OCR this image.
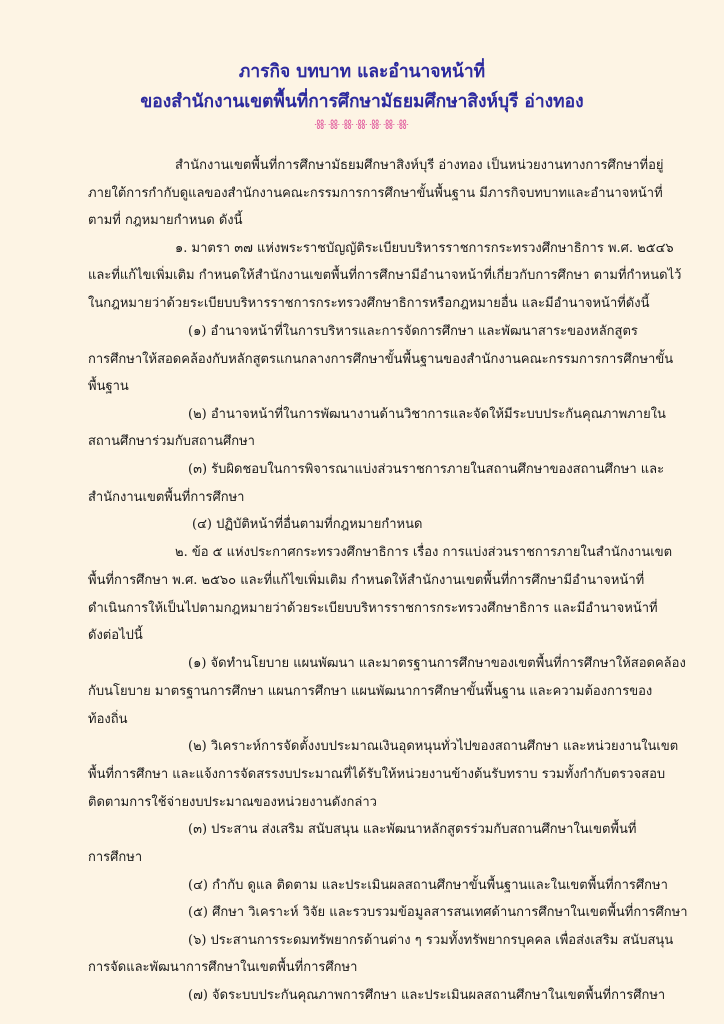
ภารกิจ บทบาท และอำนาจหน้าที่
ของสำนักงานเขตพื้นที่การศึกษามัธยมศึกษาสิงห์บุรี อ่างทอง
ꗥꗥꗥꗥꗥꗥꗥ
สำนักงานเขตพื้นที่การศึกษามัธยมศึกษาสิงห์บุรี อ่างทอง เป็นหน่วยงานทางการศึกษาที่อยู่
ภายใต้การกำกับดูแลของสำนักงานคณะกรรมการการศึกษาขั้นพื้นฐาน มีภารกิจบทบาทและอำนาจหน้าที่
ตามที่ กฎหมายกำหนด ดังนี้
๑. มาตรา ๓๗ แห่งพระราชบัญญัติระเบียบบริหารราชการกระทรวงศึกษาธิการ พ.ศ. ๒๕๔๖
และที่แก้ไขเพิ่มเติม กำหนดให้สำนักงานเขตพื้นที่การศึกษามีอำนาจหน้าที่เกี่ยวกับการศึกษา ตามที่กำหนดไว้
ในกฎหมายว่าด้วยระเบียบบริหารราชการกระทรวงศึกษาธิการหรือกฎหมายอื่น และมีอำนาจหน้าที่ดังนี้
(๑) อำนาจหน้าที่ในการบริหารและการจัดการศึกษา และพัฒนาสาระของหลักสูตร
การศึกษาให้สอดคล้องกับหลักสูตรแกนกลางการศึกษาขั้นพื้นฐานของสำนักงานคณะกรรมการการศึกษาขั้น
พื้นฐาน
(๒) อำนาจหน้าที่ในการพัฒนางานด้านวิชาการและจัดให้มีระบบประกันคุณภาพภายใน
สถานศึกษาร่วมกับสถานศึกษา
(๓) รับผิดชอบในการพิจารณาแบ่งส่วนราชการภายในสถานศึกษาของสถานศึกษา และ
สำนักงานเขตพื้นที่การศึกษา
(๔) ปฏิบัติหน้าที่อื่นตามที่กฎหมายกำหนด
๒. ข้อ ๕ แห่งประกาศกระทรวงศึกษาธิการ เรื่อง การแบ่งส่วนราชการภายในสำนักงานเขต
พื้นที่การศึกษา พ.ศ. ๒๕๖๐ และที่แก้ไขเพิ่มเติม กำหนดให้สำนักงานเขตพื้นที่การศึกษามีอำนาจหน้าที่
ดำเนินการให้เป็นไปตามกฎหมายว่าด้วยระเบียบบริหารราชการกระทรวงศึกษาธิการ และมีอำนาจหน้าที่
ดังต่อไปนี้
(๑) จัดทำนโยบาย แผนพัฒนา และมาตรฐานการศึกษาของเขตพื้นที่การศึกษาให้สอดคล้อง
กับนโยบาย มาตรฐานการศึกษา แผนการศึกษา แผนพัฒนาการศึกษาขั้นพื้นฐาน และความต้องการของ
ท้องถิ่น
(๒) วิเคราะห์การจัดตั้งงบประมาณเงินอุดหนุนทั่วไปของสถานศึกษา และหน่วยงานในเขต
พื้นที่การศึกษา และแจ้งการจัดสรรงบประมาณที่ได้รับให้หน่วยงานข้างต้นรับทราบ รวมทั้งกำกับตรวจสอบ
ติดตามการใช้จ่ายงบประมาณของหน่วยงานดังกล่าว
(๓) ประสาน ส่งเสริม สนับสนุน และพัฒนาหลักสูตรร่วมกับสถานศึกษาในเขตพื้นที่
การศึกษา
(๔) กำกับ ดูแล ติดตาม และประเมินผลสถานศึกษาขั้นพื้นฐานและในเขตพื้นที่การศึกษา
(๕) ศึกษา วิเคราะห์ วิจัย และรวบรวมข้อมูลสารสนเทศด้านการศึกษาในเขตพื้นที่การศึกษา
(๖) ประสานการระดมทรัพยากรด้านต่าง ๆ รวมทั้งทรัพยากรบุคคล เพื่อส่งเสริม สนับสนุน
การจัดและพัฒนาการศึกษาในเขตพื้นที่การศึกษา
(๗) จัดระบบประกันคุณภาพการศึกษา และประเมินผลสถานศึกษาในเขตพื้นที่การศึกษา
